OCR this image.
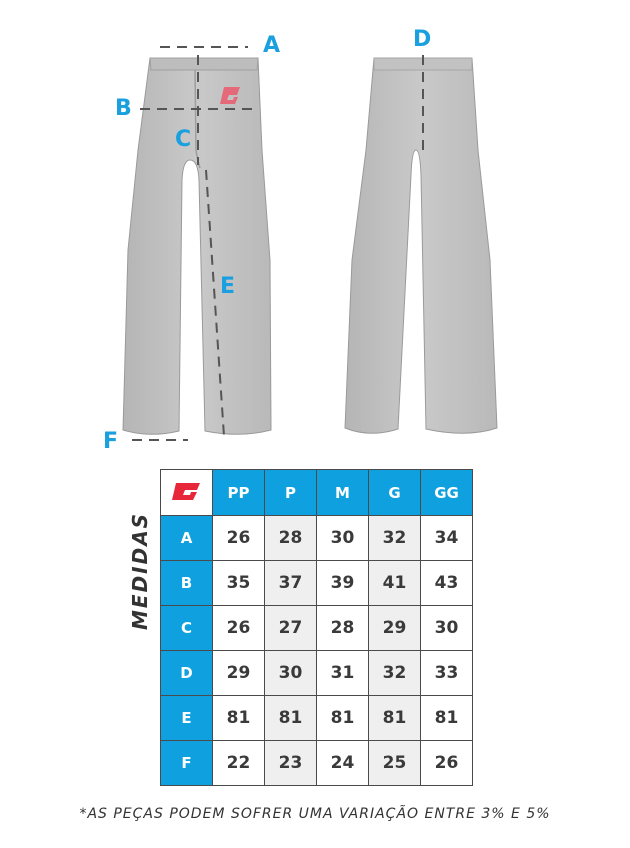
A
B
C
D
E
F
MEDIDAS
	PP	P	M	G	GG
A	26	28	30	32	34
B	35	37	39	41	43
C	26	27	28	29	30
D	29	30	31	32	33
E	81	81	81	81	81
F	22	23	24	25	26
*AS PEÇAS PODEM SOFRER UMA VARIAÇÃO ENTRE 3% E 5%
